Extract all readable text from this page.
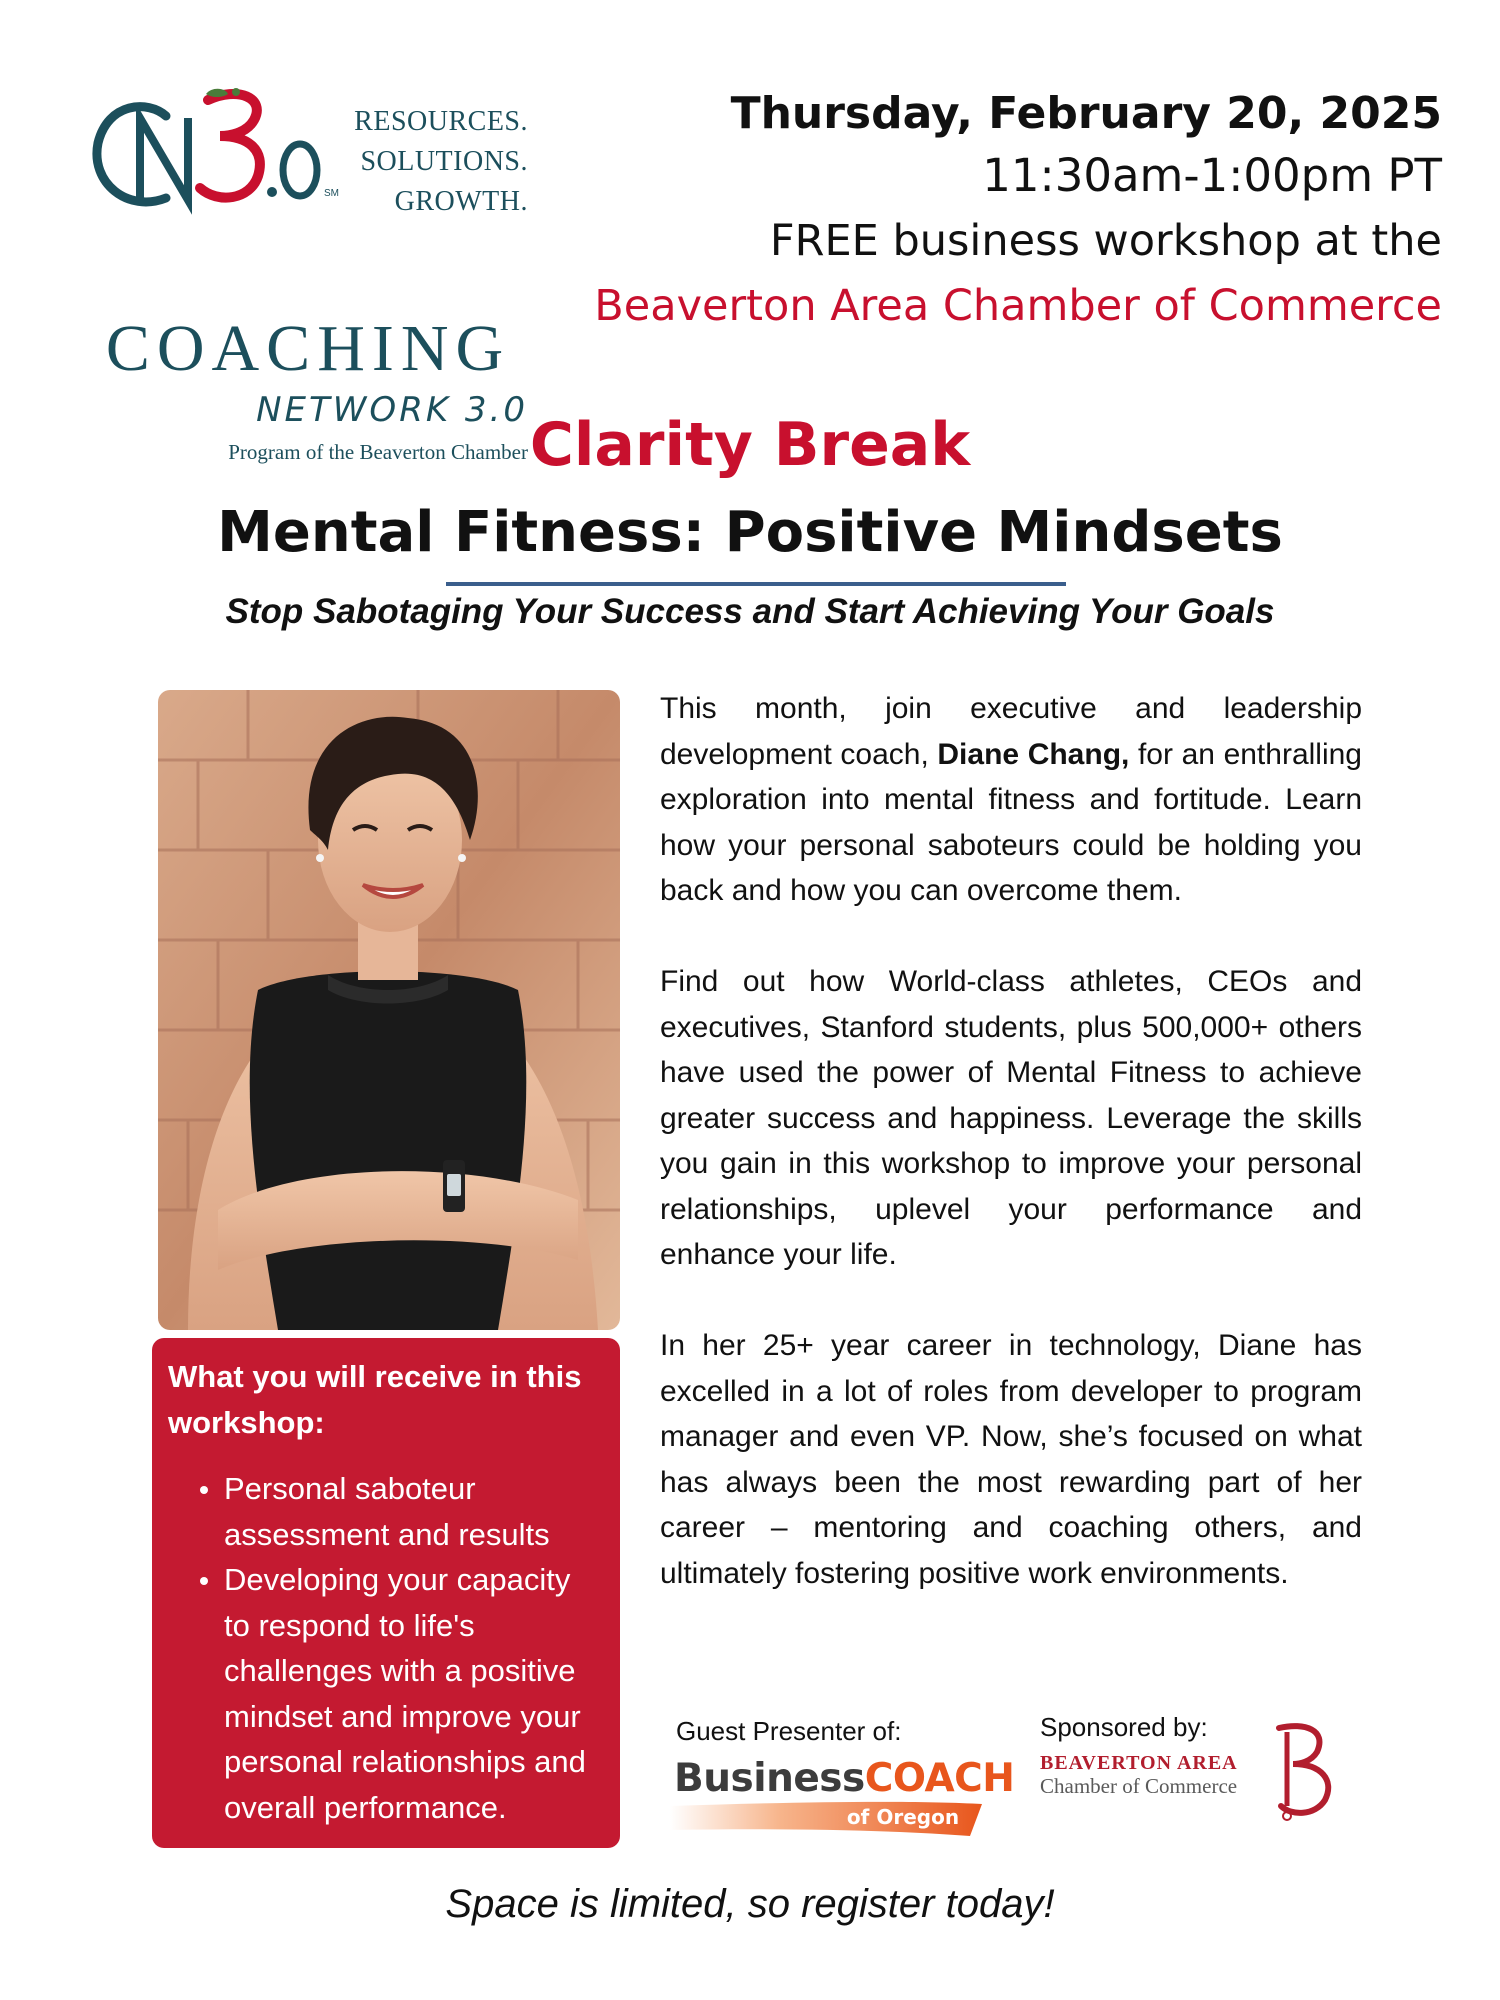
SM
RESOURCES.
SOLUTIONS.
GROWTH.
COACHING
NETWORK 3.0
Program of the Beaverton Chamber
Thursday, February 20, 2025
11:30am-1:00pm PT
FREE business workshop at the
Beaverton Area Chamber of Commerce
Clarity Break
Mental Fitness: Positive Mindsets
Stop Sabotaging Your Success and Start Achieving Your Goals
What you will receive in this workshop:
Personal saboteur assessment and results
Developing your capacity to respond to life's challenges with a positive mindset and improve your personal relationships and overall performance.

This month, join executive and leadership development coach, Diane Chang, for an enthralling exploration into mental fitness and fortitude. Learn how your personal saboteurs could be holding you back and how you can overcome them.

Find out how World-class athletes, CEOs and executives, Stanford students, plus 500,000+ others have used the power of Mental Fitness to achieve greater success and happiness. Leverage the skills you gain in this workshop to improve your personal relationships, uplevel your performance and enhance your life.

In her 25+ year career in technology, Diane has excelled in a lot of roles from developer to program manager and even VP. Now, she’s focused on what has always been the most rewarding part of her career – mentoring and coaching others, and ultimately fostering positive work environments.

Guest Presenter of:
BusinessCOACH
of Oregon
Sponsored by:
BEAVERTON AREA
Chamber of Commerce
Space is limited, so register today!
